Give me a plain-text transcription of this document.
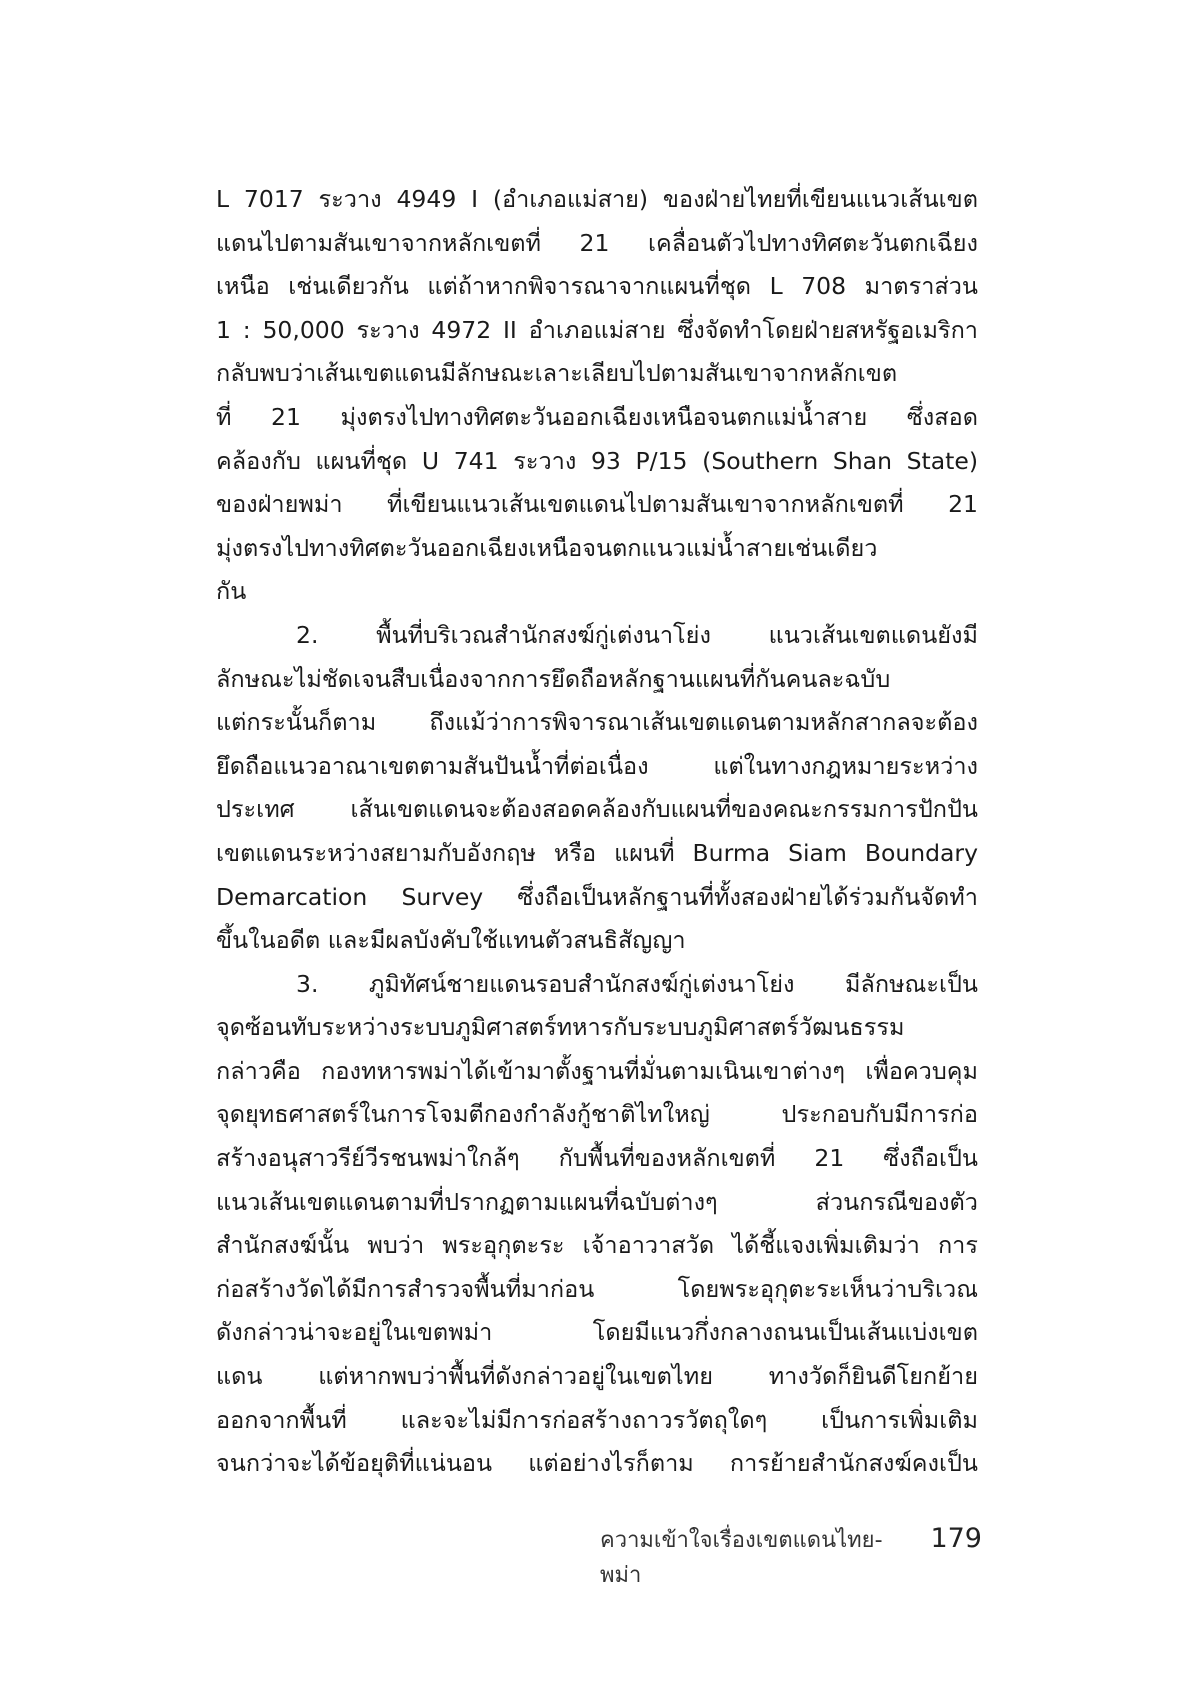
L 7017 ระวาง 4949 I (อำเภอแม่สาย) ของฝ่ายไทยที่เขียนแนวเส้นเขต
แดนไปตามสันเขาจากหลักเขตที่ 21 เคลื่อนตัวไปทางทิศตะวันตกเฉียง
เหนือ เช่นเดียวกัน แต่ถ้าหากพิจารณาจากแผนที่ชุด L 708 มาตราส่วน
1 : 50,000 ระวาง 4972 II อำเภอแม่สาย ซึ่งจัดทำโดยฝ่ายสหรัฐอเมริกา
กลับพบว่าเส้นเขตแดนมีลักษณะเลาะเลียบไปตามสันเขาจากหลักเขต
ที่ 21 มุ่งตรงไปทางทิศตะวันออกเฉียงเหนือจนตกแม่น้ำสาย ซึ่งสอด
คล้องกับ แผนที่ชุด U 741 ระวาง 93 P/15 (Southern Shan State)
ของฝ่ายพม่า ที่เขียนแนวเส้นเขตแดนไปตามสันเขาจากหลักเขตที่ 21
มุ่งตรงไปทางทิศตะวันออกเฉียงเหนือจนตกแนวแม่น้ำสายเช่นเดียว
กัน
2. พื้นที่บริเวณสำนักสงฆ์กู่เต่งนาโย่ง แนวเส้นเขตแดนยังมี
ลักษณะไม่ชัดเจนสืบเนื่องจากการยึดถือหลักฐานแผนที่กันคนละฉบับ
แต่กระนั้นก็ตาม ถึงแม้ว่าการพิจารณาเส้นเขตแดนตามหลักสากลจะต้อง
ยึดถือแนวอาณาเขตตามสันปันน้ำที่ต่อเนื่อง แต่ในทางกฎหมายระหว่าง
ประเทศ เส้นเขตแดนจะต้องสอดคล้องกับแผนที่ของคณะกรรมการปักปัน
เขตแดนระหว่างสยามกับอังกฤษ หรือ แผนที่ Burma Siam Boundary
Demarcation Survey ซึ่งถือเป็นหลักฐานที่ทั้งสองฝ่ายได้ร่วมกันจัดทำ
ขึ้นในอดีต และมีผลบังคับใช้แทนตัวสนธิสัญญา
3. ภูมิทัศน์ชายแดนรอบสำนักสงฆ์กู่เต่งนาโย่ง มีลักษณะเป็น
จุดซ้อนทับระหว่างระบบภูมิศาสตร์ทหารกับระบบภูมิศาสตร์วัฒนธรรม
กล่าวคือ กองทหารพม่าได้เข้ามาตั้งฐานที่มั่นตามเนินเขาต่างๆ เพื่อควบคุม
จุดยุทธศาสตร์ในการโจมตีกองกำลังกู้ชาติไทใหญ่ ประกอบกับมีการก่อ
สร้างอนุสาวรีย์วีรชนพม่าใกล้ๆ กับพื้นที่ของหลักเขตที่ 21 ซึ่งถือเป็น
แนวเส้นเขตแดนตามที่ปรากฏตามแผนที่ฉบับต่างๆ ส่วนกรณีของตัว
สำนักสงฆ์นั้น พบว่า พระอุกุตะระ เจ้าอาวาสวัด ได้ชี้แจงเพิ่มเติมว่า การ
ก่อสร้างวัดได้มีการสำรวจพื้นที่มาก่อน โดยพระอุกุตะระเห็นว่าบริเวณ
ดังกล่าวน่าจะอยู่ในเขตพม่า โดยมีแนวกึ่งกลางถนนเป็นเส้นแบ่งเขต
แดน แต่หากพบว่าพื้นที่ดังกล่าวอยู่ในเขตไทย ทางวัดก็ยินดีโยกย้าย
ออกจากพื้นที่ และจะไม่มีการก่อสร้างถาวรวัตถุใดๆ เป็นการเพิ่มเติม
จนกว่าจะได้ข้อยุติที่แน่นอน แต่อย่างไรก็ตาม การย้ายสำนักสงฆ์คงเป็น
ความเข้าใจเรื่องเขตแดนไทย-พม่า
179
